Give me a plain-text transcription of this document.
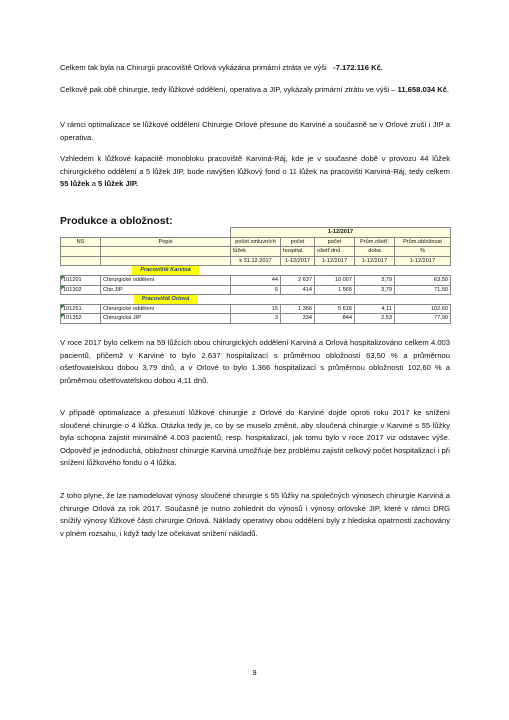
Celkem tak byla na Chirurgii pracoviště Orlová vykázána primární ztráta ve výši -7.172.116 Kč.

Celkově pak obě chirurgie, tedy lůžkové oddělení, operativa a JIP, vykázaly primární ztrátu ve výši – 11.658.034 Kč.

V rámci optimalizace se lůžkové oddělení Chirurgie Orlové přesune do Karviné a současně se v Orlové zruší i JIP a operativa.

Vzhledem k lůžkové kapacitě monobloku pracoviště Karviná-Ráj, kde je v současné době v provozu 44 lůžek chirurgického oddělení a 5 lůžek JIP, bude navýšen lůžkový fond o 11 lůžek na pracovišti Karviná-Ráj, tedy celkem 55 lůžek a 5 lůžek JIP.

Produkce a obložnost:
		1-12/2017				
NS	Popis	počet smluvních	počet	počet	Prům.ošetř.	Prům.obložnost
		lůžek	hospital.	ošetř.dnů	doba	%
		k 31.12.2017	1-12/2017	1-12/2017	1-12/2017	1-12/2017
	Pracoviště Karviná					

101201	Chirurgické oddělení	44	2 637	10 007	3,79	63,50

101302	Chir.JIP	6	414	1 565	3,79	71,50
	Pracoviště Orlová					

101251	Chirurgické oddělení	15	1 366	5 616	4,11	102,60

101352	Chirurgická JIP	3	334	844	2,53	77,90

V roce 2017 bylo celkem na 59 lůžcích obou chirurgických oddělení Karviná a Orlová hospitalizováno celkem 4.003 pacientů, přičemž v Karviné to bylo 2.637 hospitalizací s průměrnou obložností 63,50 % a průměrnou ošetřovatelskou dobou 3,79 dnů, a v Orlové to bylo 1.366 hospitalizací s průměrnou obložností 102,60 % a průměrnou ošetřovatelskou dobou 4,11 dnů.

V případě optimalizace a přesunutí lůžkové chirurgie z Orlové do Karviné dojde oproti roku 2017 ke snížení sloučené chirurgie o 4 lůžka. Otázka tedy je, co by se muselo změnit, aby sloučená chirurgie v Karviné s 55 lůžky byla schopna zajistit minimálně 4.003 pacientů, resp. hospitalizací, jak tomu bylo v roce 2017 viz odstavec výše. Odpověď je jednoduchá, obložnost chirurgie Karviná umožňuje bez problému zajistit celkový počet hospitalizací i při snížení lůžkového fondu o 4 lůžka.

Z toho plyne, že lze namodelovat výnosy sloučené chirurgie s 55 lůžky na společných výnosech chirurgie Karviná a chirurgie Orlová za rok 2017. Současně je nutno zohlednit do výnosů i výnosy orlovské JIP, které v rámci DRG snížily výnosy lůžkové části chirurgie Orlová. Náklady operativy obou oddělení byly z hlediska opatrnosti zachovány v plném rozsahu, i když tady lze očekávat snížení nákladů.

9
